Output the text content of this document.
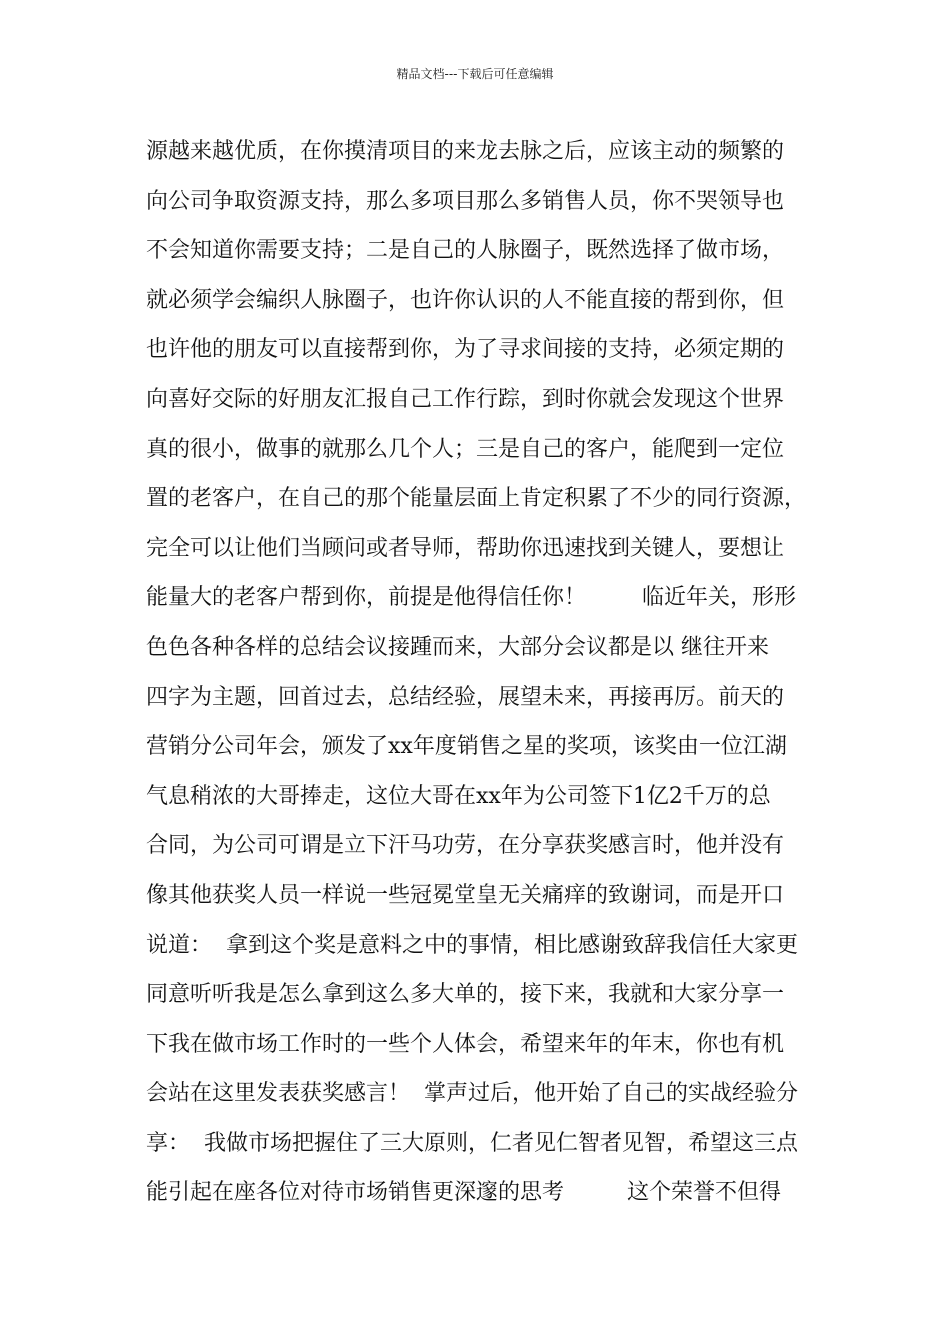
精品文档---下载后可任意编辑
源越来越优质，在你摸清项目的来龙去脉之后，应该主动的频繁的
向公司争取资源支持，那么多项目那么多销售人员，你不哭领导也
不会知道你需要支持；二是自己的人脉圈子，既然选择了做市场，
就必须学会编织人脉圈子，也许你认识的人不能直接的帮到你，但
也许他的朋友可以直接帮到你，为了寻求间接的支持，必须定期的
向喜好交际的好朋友汇报自己工作行踪，到时你就会发现这个世界
真的很小，做事的就那么几个人；三是自己的客户，能爬到一定位
置的老客户，在自己的那个能量层面上肯定积累了不少的同行资源，
完全可以让他们当顾问或者导师，帮助你迅速找到关键人，要想让
能量大的老客户帮到你，前提是他得信任你！        临近年关，形形
色色各种各样的总结会议接踵而来，大部分会议都是以 继往开来
四字为主题，回首过去，总结经验，展望未来，再接再厉。前天的
营销分公司年会，颁发了xx年度销售之星的奖项，该奖由一位江湖
气息稍浓的大哥捧走，这位大哥在xx年为公司签下1亿2千万的总
合同，为公司可谓是立下汗马功劳，在分享获奖感言时，他并没有
像其他获奖人员一样说一些冠冕堂皇无关痛痒的致谢词，而是开口
说道：  拿到这个奖是意料之中的事情，相比感谢致辞我信任大家更
同意听听我是怎么拿到这么多大单的，接下来，我就和大家分享一
下我在做市场工作时的一些个人体会，希望来年的年末，你也有机
会站在这里发表获奖感言！  掌声过后，他开始了自己的实战经验分
享：  我做市场把握住了三大原则，仁者见仁智者见智，希望这三点
能引起在座各位对待市场销售更深邃的思考         这个荣誉不但得
